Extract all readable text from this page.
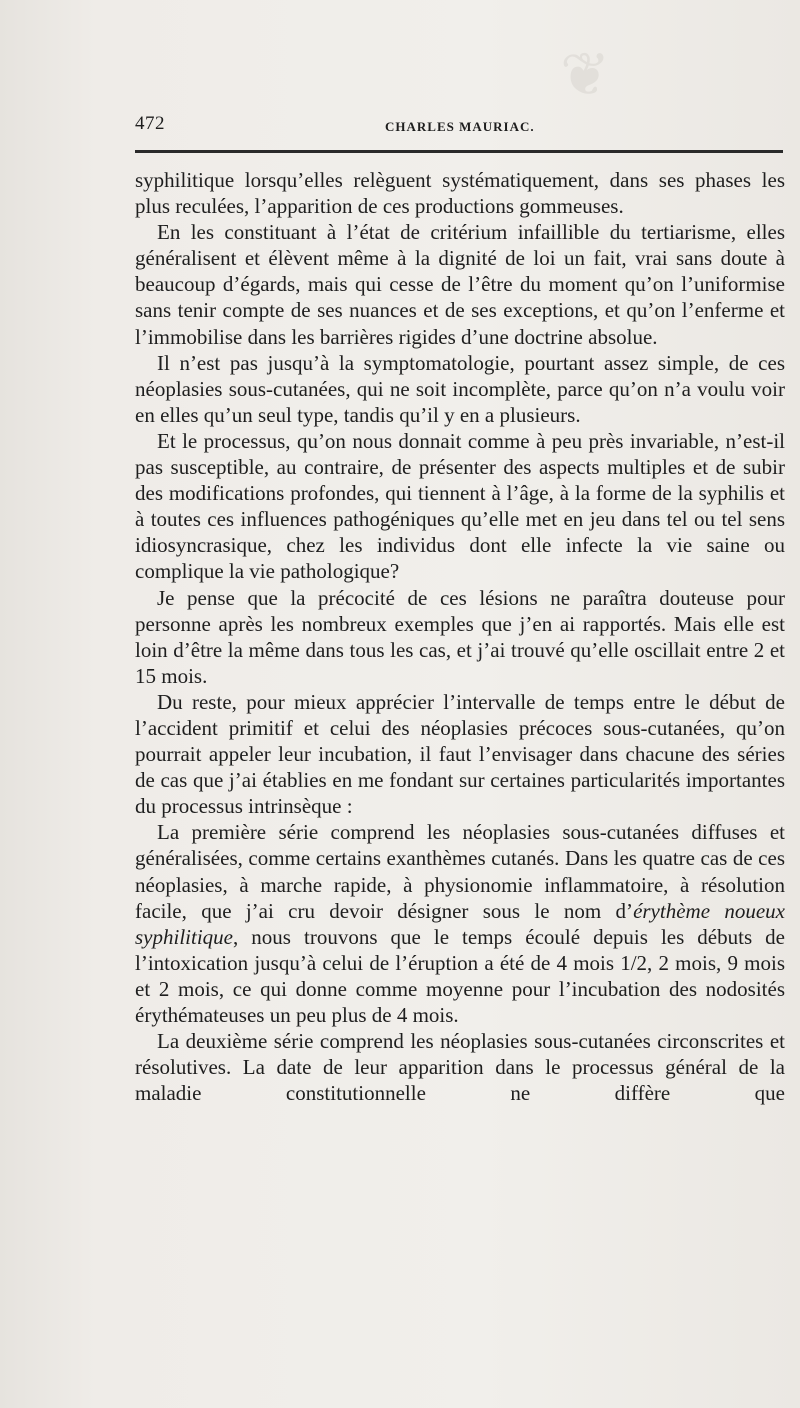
❦
472	CHARLES MAURIAC.

syphilitique lorsqu’elles relèguent systématiquement, dans ses phases les plus reculées, l’apparition de ces productions gommeuses.

En les constituant à l’état de critérium infaillible du tertiarisme, elles généralisent et élèvent même à la dignité de loi un fait, vrai sans doute à beaucoup d’égards, mais qui cesse de l’être du moment qu’on l’uniformise sans tenir compte de ses nuances et de ses exceptions, et qu’on l’enferme et l’immobilise dans les barrières rigides d’une doctrine absolue.

Il n’est pas jusqu’à la symptomatologie, pourtant assez simple, de ces néoplasies sous-cutanées, qui ne soit incomplète, parce qu’on n’a voulu voir en elles qu’un seul type, tandis qu’il y en a plusieurs.

Et le processus, qu’on nous donnait comme à peu près invariable, n’est-il pas susceptible, au contraire, de présenter des aspects multiples et de subir des modifications profondes, qui tiennent à l’âge, à la forme de la syphilis et à toutes ces influences pathogéniques qu’elle met en jeu dans tel ou tel sens idiosyncrasique, chez les individus dont elle infecte la vie saine ou complique la vie pathologique?

Je pense que la précocité de ces lésions ne paraîtra douteuse pour personne après les nombreux exemples que j’en ai rapportés. Mais elle est loin d’être la même dans tous les cas, et j’ai trouvé qu’elle oscillait entre 2 et 15 mois.

Du reste, pour mieux apprécier l’intervalle de temps entre le début de l’accident primitif et celui des néoplasies précoces sous-cutanées, qu’on pourrait appeler leur incubation, il faut l’envisager dans chacune des séries de cas que j’ai établies en me fondant sur certaines particularités importantes du processus intrinsèque :

La première série comprend les néoplasies sous-cutanées diffuses et généralisées, comme certains exanthèmes cutanés. Dans les quatre cas de ces néoplasies, à marche rapide, à physionomie inflammatoire, à résolution facile, que j’ai cru devoir désigner sous le nom d’érythème noueux syphilitique, nous trouvons que le temps écoulé depuis les débuts de l’intoxication jusqu’à celui de l’éruption a été de 4 mois 1/2, 2 mois, 9 mois et 2 mois, ce qui donne comme moyenne pour l’incubation des nodosités érythémateuses un peu plus de 4 mois.

La deuxième série comprend les néoplasies sous-cutanées circonscrites et résolutives. La date de leur apparition dans le processus général de la maladie constitutionnelle ne diffère que
